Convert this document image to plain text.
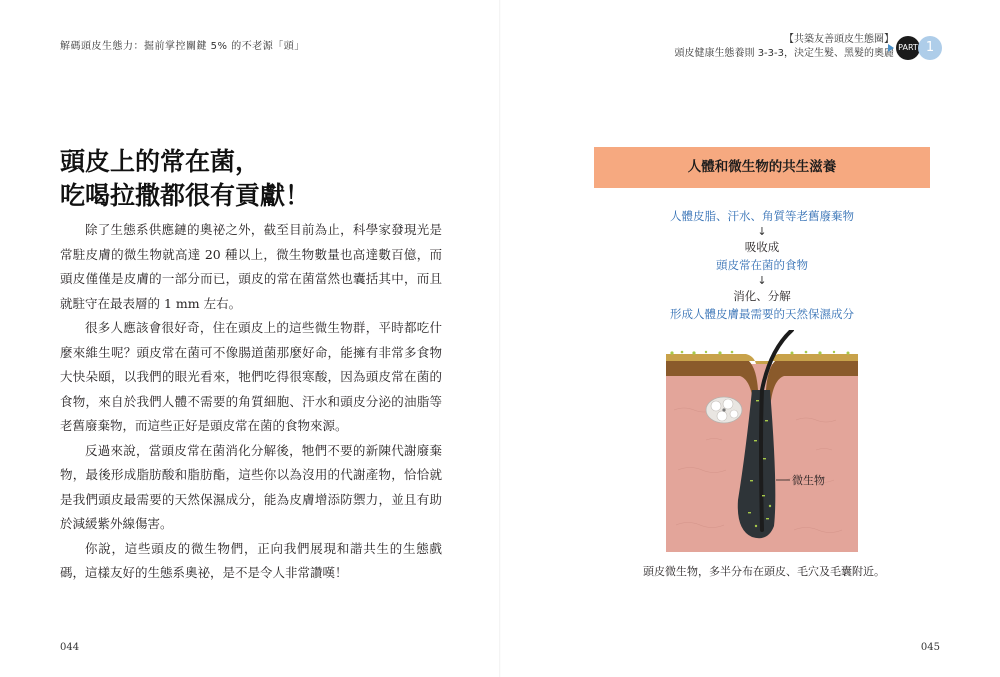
解碼頭皮生態力：掘前掌控關鍵 5% 的不老源「頭」
頭皮上的常在菌，
吃喝拉撒都很有貢獻！

除了生態系供應鏈的奧祕之外，截至目前為止，科學家發現光是常駐皮膚的微生物就高達 20 種以上，微生物數量也高達數百億，而頭皮僅僅是皮膚的一部分而已，頭皮的常在菌當然也囊括其中，而且就駐守在最表層的 1 mm 左右。

很多人應該會很好奇，住在頭皮上的這些微生物群，平時都吃什麼來維生呢？頭皮常在菌可不像腸道菌那麼好命，能擁有非常多食物大快朵頤，以我們的眼光看來，牠們吃得很寒酸，因為頭皮常在菌的食物，來自於我們人體不需要的角質細胞、汗水和頭皮分泌的油脂等老舊廢棄物，而這些正好是頭皮常在菌的食物來源。

反過來說，當頭皮常在菌消化分解後，牠們不要的新陳代謝廢棄物，最後形成脂肪酸和脂肪酯，這些你以為沒用的代謝產物，恰恰就是我們頭皮最需要的天然保濕成分，能為皮膚增添防禦力，並且有助於減緩紫外線傷害。

你說，這些頭皮的微生物們，正向我們展現和諧共生的生態戲碼，這樣友好的生態系奧祕，是不是令人非常讚嘆！

044
【共築友善頭皮生態圈】
頭皮健康生態養則 3-3-3，決定生髮、黑髮的奧麗
PART 1
人體和微生物的共生滋養
人體皮脂、汗水、角質等老舊廢棄物
↓
吸收成
頭皮常在菌的食物
↓
消化、分解
形成人體皮膚最需要的天然保濕成分
微生物
頭皮微生物，多半分布在頭皮、毛穴及毛囊附近。
045
